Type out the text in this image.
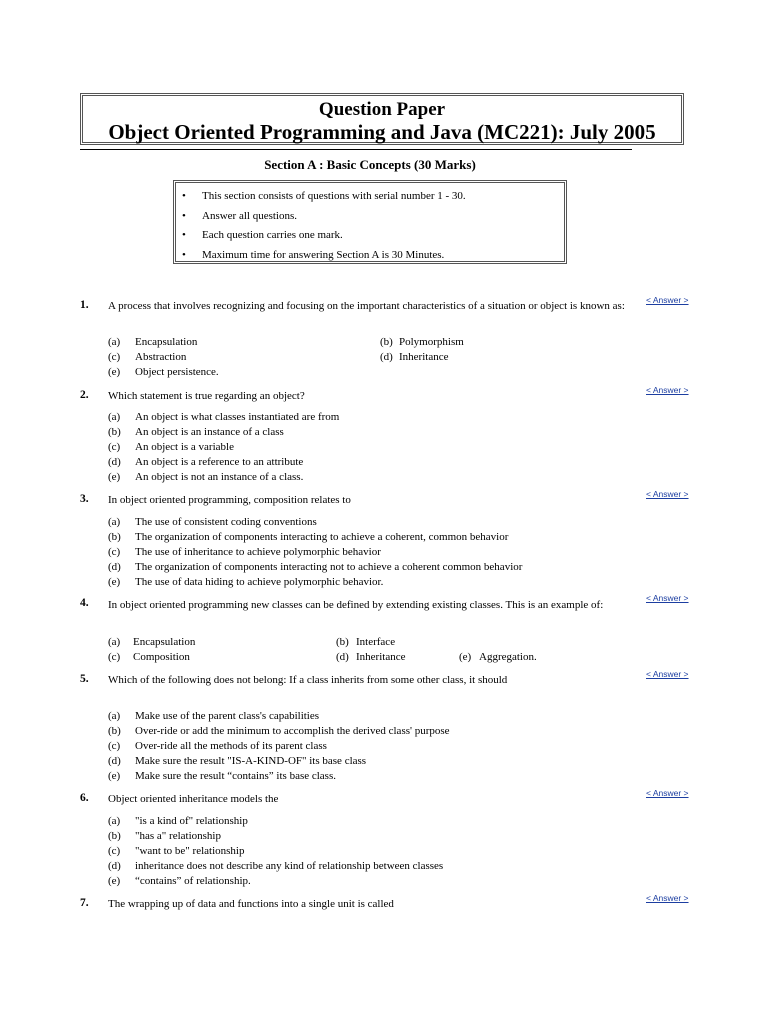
Question Paper
Object Oriented Programming and Java (MC221): July 2005
Section A : Basic Concepts (30 Marks)
•	This section consists of questions with serial number 1 - 30.
•	Answer all questions.
•	Each question carries one mark.
•	Maximum time for answering Section A is 30 Minutes.
1. A process that involves recognizing and focusing on the important characteristics of a situation or object is known as:	< Answer >
(a) Encapsulation	(b) Polymorphism
(c) Abstraction	(d) Inheritance
(e) Object persistence.
2. Which statement is true regarding an object?	< Answer >
(a) An object is what classes instantiated are from
(b) An object is an instance of a class
(c) An object is a variable
(d) An object is a reference to an attribute
(e) An object is not an instance of a class.
3. In object oriented programming, composition relates to	< Answer >
(a) The use of consistent coding conventions
(b) The organization of components interacting to achieve a coherent, common behavior
(c) The use of inheritance to achieve polymorphic behavior
(d) The organization of components interacting not to achieve a coherent common behavior
(e) The use of data hiding to achieve polymorphic behavior.
4. In object oriented programming new classes can be defined by extending existing classes. This is an example of:
< Answer >
(a) Encapsulation	(b) Interface
(c) Composition	(d) Inheritance	(e) Aggregation.
5. Which of the following does not belong: If a class inherits from some other class, it should	< Answer >
(a) Make use of the parent class's capabilities
(b) Over-ride or add the minimum to accomplish the derived class' purpose
(c) Over-ride all the methods of its parent class
(d) Make sure the result "IS-A-KIND-OF" its base class
(e) Make sure the result “contains” its base class.
6. Object oriented inheritance models the	< Answer >
(a) "is a kind of" relationship
(b) "has a" relationship
(c) "want to be" relationship
(d) inheritance does not describe any kind of relationship between classes
(e) “contains” of relationship.
7. The wrapping up of data and functions into a single unit is called	< Answer >
